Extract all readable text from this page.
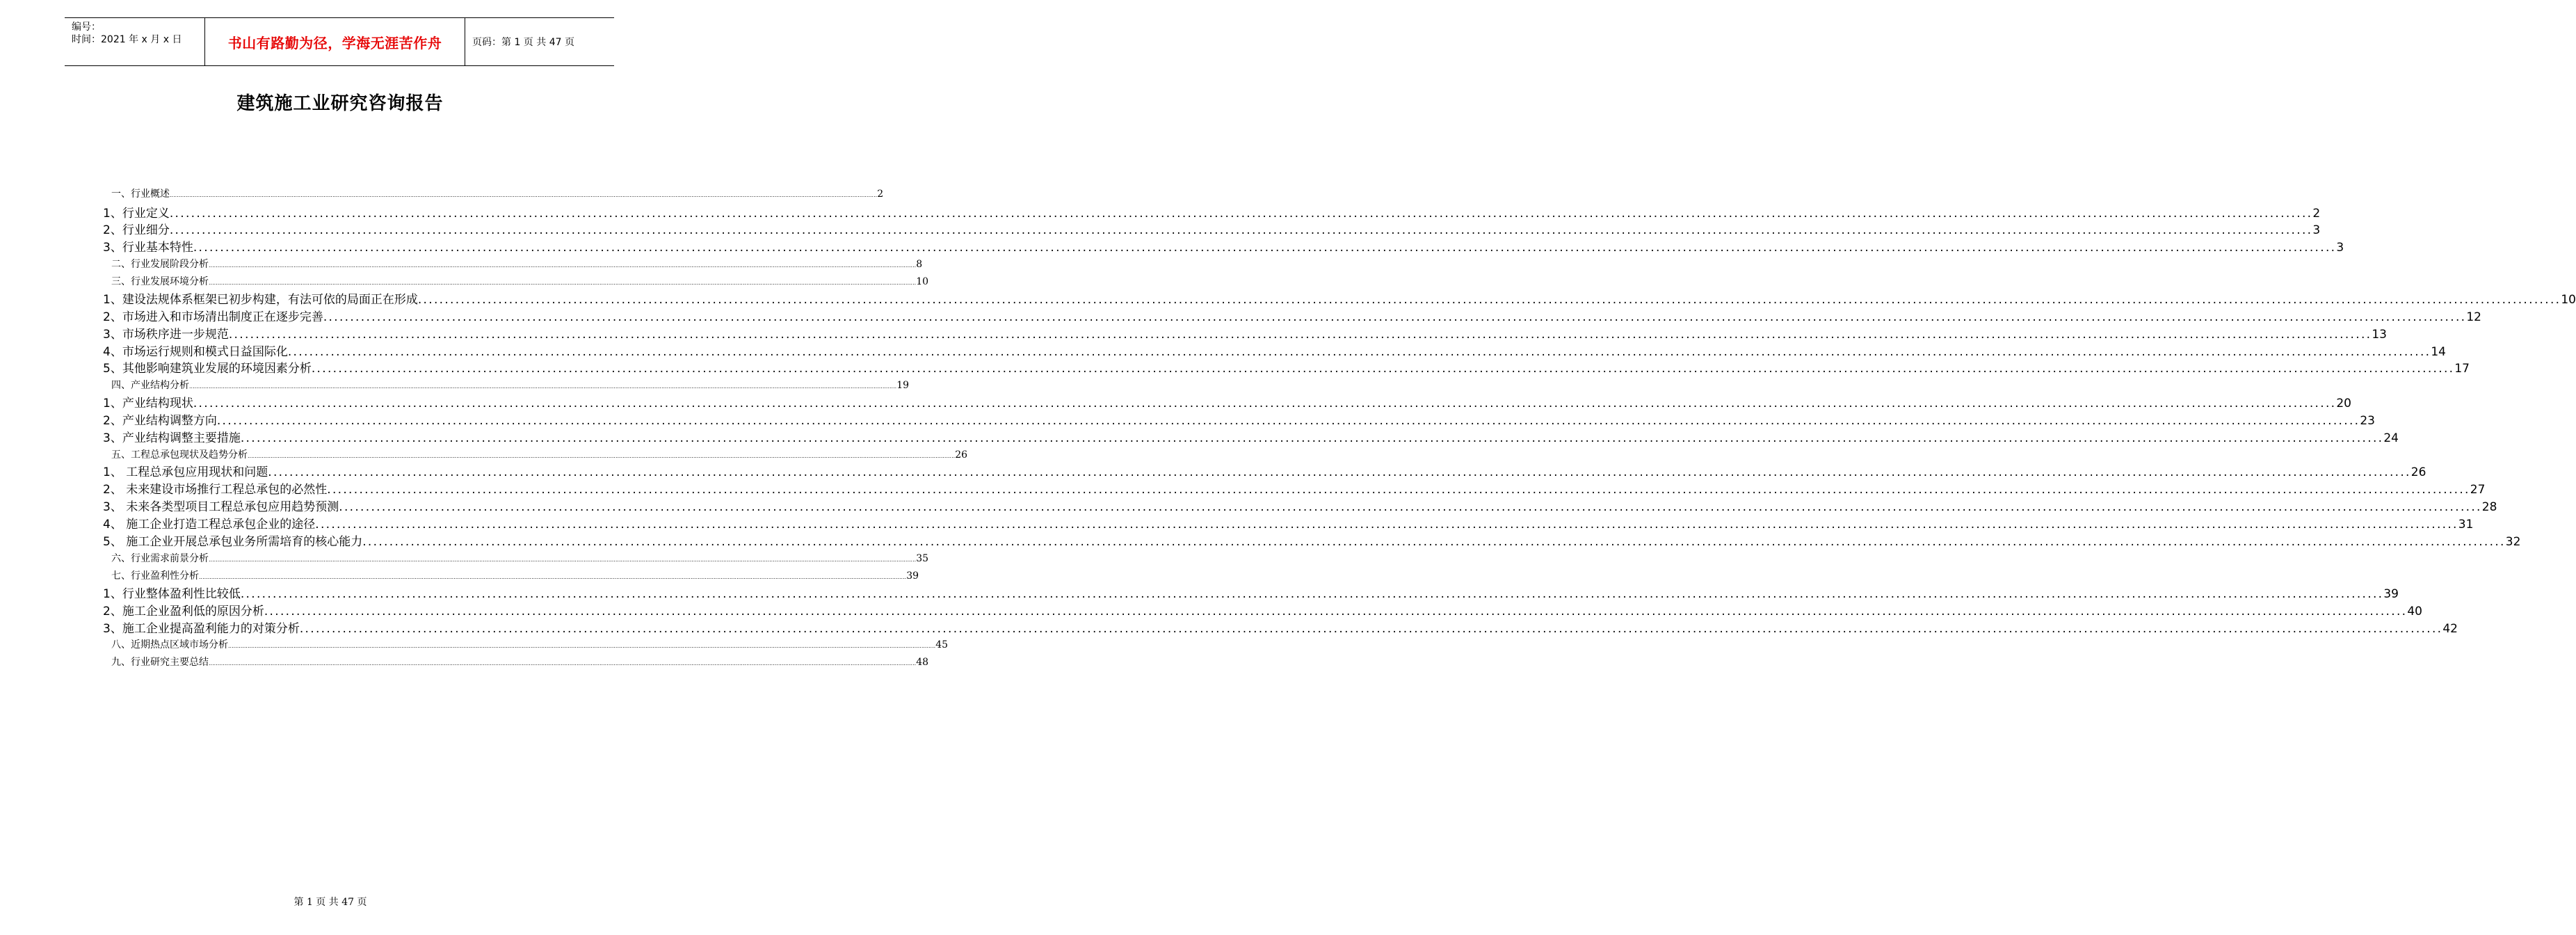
编号：
时间：2021 年 x 月 x 日	书山有路勤为径，学海无涯苦作舟	页码：第 1 页 共 47 页
建筑施工业研究咨询报告
一、行业概述 ................................................................................................................................................................................................................................................................................................................................................................................................................ 2
1、行业定义 ................................................................................................................................................................................................................................................................................................................................................................................................................ 2
2、行业细分 ................................................................................................................................................................................................................................................................................................................................................................................................................ 3
3、行业基本特性 ................................................................................................................................................................................................................................................................................................................................................................................................................ 3
二、行业发展阶段分析 ................................................................................................................................................................................................................................................................................................................................................................................................................ 8
三、行业发展环境分析 ................................................................................................................................................................................................................................................................................................................................................................................................................ 10
1、建设法规体系框架已初步构建，有法可依的局面正在形成 ................................................................................................................................................................................................................................................................................................................................................................................................................ 10
2、市场进入和市场清出制度正在逐步完善 ................................................................................................................................................................................................................................................................................................................................................................................................................ 12
3、市场秩序进一步规范 ................................................................................................................................................................................................................................................................................................................................................................................................................ 13
4、市场运行规则和模式日益国际化 ................................................................................................................................................................................................................................................................................................................................................................................................................ 14
5、其他影响建筑业发展的环境因素分析 ................................................................................................................................................................................................................................................................................................................................................................................................................ 17
四、产业结构分析 ................................................................................................................................................................................................................................................................................................................................................................................................................ 19
1、产业结构现状 ................................................................................................................................................................................................................................................................................................................................................................................................................ 20
2、产业结构调整方向 ................................................................................................................................................................................................................................................................................................................................................................................................................ 23
3、产业结构调整主要措施 ................................................................................................................................................................................................................................................................................................................................................................................................................ 24
五、工程总承包现状及趋势分析 ................................................................................................................................................................................................................................................................................................................................................................................................................ 26
1、 工程总承包应用现状和问题 ................................................................................................................................................................................................................................................................................................................................................................................................................ 26
2、 未来建设市场推行工程总承包的必然性 ................................................................................................................................................................................................................................................................................................................................................................................................................ 27
3、 未来各类型项目工程总承包应用趋势预测 ................................................................................................................................................................................................................................................................................................................................................................................................................ 28
4、 施工企业打造工程总承包企业的途径 ................................................................................................................................................................................................................................................................................................................................................................................................................ 31
5、 施工企业开展总承包业务所需培育的核心能力 ................................................................................................................................................................................................................................................................................................................................................................................................................ 32
六、行业需求前景分析 ................................................................................................................................................................................................................................................................................................................................................................................................................ 35
七、行业盈利性分析 ................................................................................................................................................................................................................................................................................................................................................................................................................ 39
1、行业整体盈利性比较低 ................................................................................................................................................................................................................................................................................................................................................................................................................ 39
2、施工企业盈利低的原因分析 ................................................................................................................................................................................................................................................................................................................................................................................................................ 40
3、施工企业提高盈利能力的对策分析 ................................................................................................................................................................................................................................................................................................................................................................................................................ 42
八、近期热点区域市场分析 ................................................................................................................................................................................................................................................................................................................................................................................................................ 45
九、行业研究主要总结 ................................................................................................................................................................................................................................................................................................................................................................................................................ 48
第 1 页 共 47 页
